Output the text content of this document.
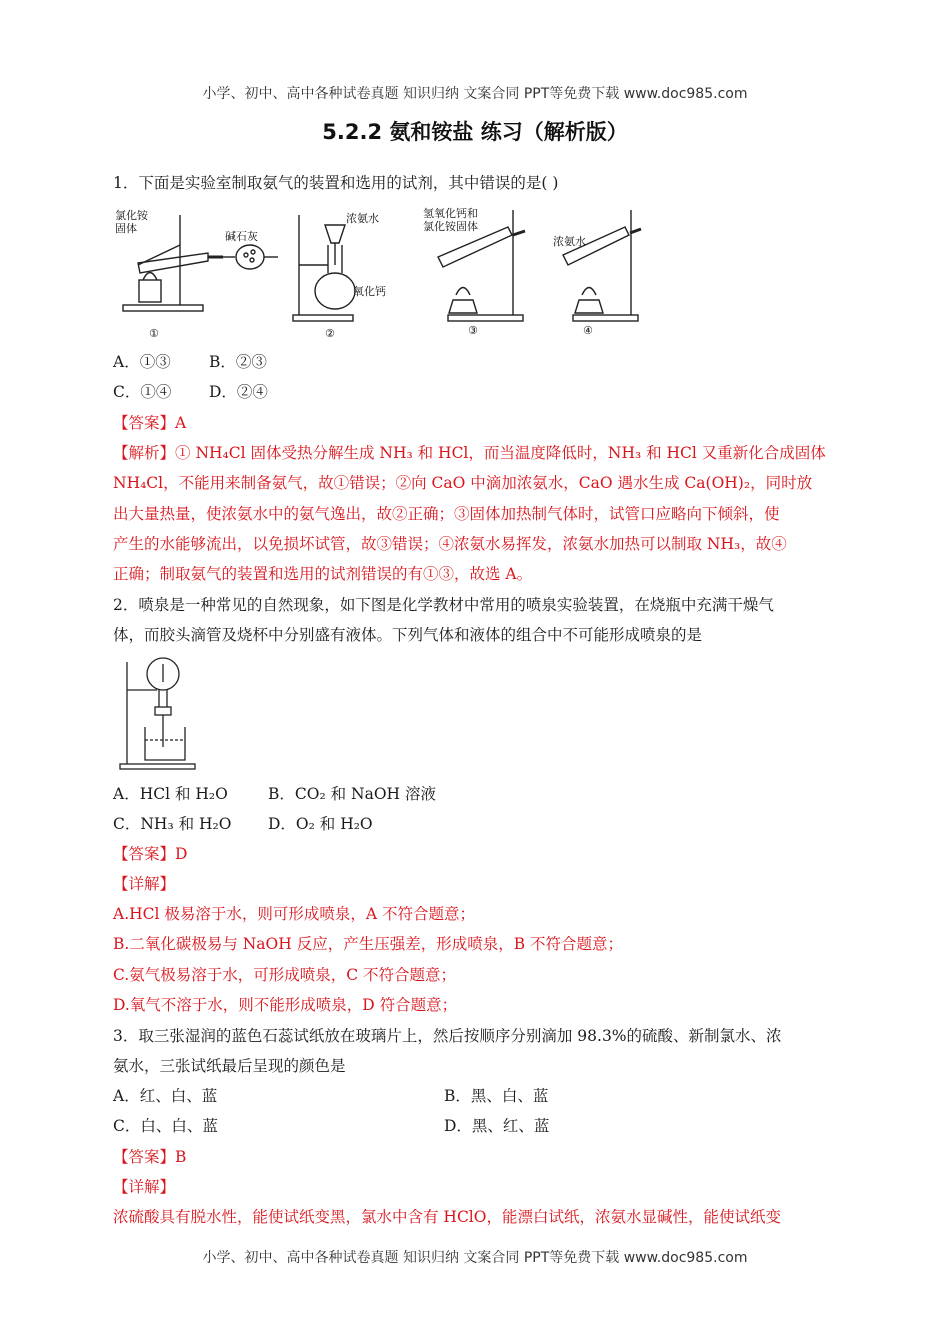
小学、初中、高中各种试卷真题 知识归纳 文案合同 PPT等免费下载 www.doc985.com
5.2.2 氨和铵盐 练习（解析版）
1．下面是实验室制取氨气的装置和选用的试剂，其中错误的是( )
氯化铵
固体
碱石灰
浓氨水
氧化钙
氢氧化钙和
氯化铵固体
浓氨水
①	②	③	④
A．①③ B．②③
C．①④ D．②④
【答案】A
【解析】① NH₄Cl 固体受热分解生成 NH₃ 和 HCl，而当温度降低时，NH₃ 和 HCl 又重新化合成固体
NH₄Cl，不能用来制备氨气，故①错误；②向 CaO 中滴加浓氨水，CaO 遇水生成 Ca(OH)₂，同时放
出大量热量，使浓氨水中的氨气逸出，故②正确；③固体加热制气体时，试管口应略向下倾斜，使
产生的水能够流出，以免损坏试管，故③错误；④浓氨水易挥发，浓氨水加热可以制取 NH₃，故④
正确；制取氨气的装置和选用的试剂错误的有①③，故选 A。
2．喷泉是一种常见的自然现象，如下图是化学教材中常用的喷泉实验装置，在烧瓶中充满干燥气
体，而胶头滴管及烧杯中分别盛有液体。下列气体和液体的组合中不可能形成喷泉的是
A．HCl 和 H₂O	B．CO₂ 和 NaOH 溶液
C．NH₃ 和 H₂O D．O₂ 和 H₂O
【答案】D
【详解】
A.HCl 极易溶于水，则可形成喷泉，A 不符合题意；
B.二氧化碳极易与 NaOH 反应，产生压强差，形成喷泉，B 不符合题意；
C.氨气极易溶于水，可形成喷泉，C 不符合题意；
D.氧气不溶于水，则不能形成喷泉，D 符合题意；
3．取三张湿润的蓝色石蕊试纸放在玻璃片上，然后按顺序分别滴加 98.3%的硫酸、新制氯水、浓
氨水，三张试纸最后呈现的颜色是
A．红、白、蓝	B．黑、白、蓝
C．白、白、蓝	D．黑、红、蓝
【答案】B
【详解】
浓硫酸具有脱水性，能使试纸变黑，氯水中含有 HClO，能漂白试纸，浓氨水显碱性，能使试纸变
小学、初中、高中各种试卷真题 知识归纳 文案合同 PPT等免费下载 www.doc985.com
